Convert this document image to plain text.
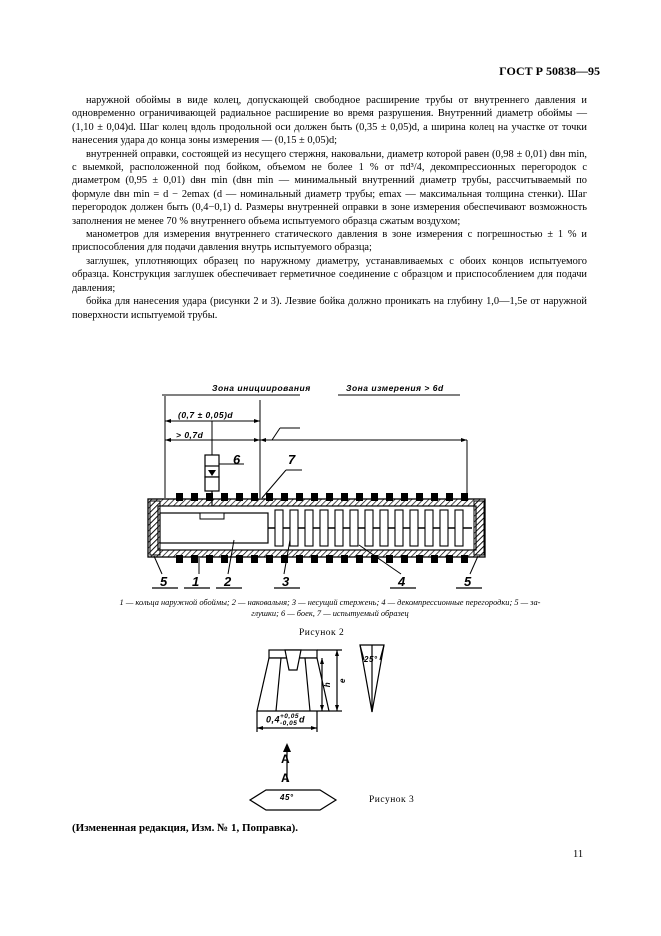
ГОСТ Р 50838—95

наружной обоймы в виде колец, допускающей свободное расширение трубы от внутреннего давления и одновременно ограничивающей радиальное расширение во время разрушения. Внутренний диаметр обоймы — (1,10 ± 0,04)d. Шаг колец вдоль продольной оси должен быть (0,35 ± 0,05)d, а ширина колец на участке от точки нанесения удара до конца зоны измерения — (0,15 ± 0,05)d;

внутренней оправки, состоящей из несущего стержня, наковальни, диаметр которой равен (0,98 ± 0,01) dвн min, с выемкой, расположенной под бойком, объемом не более 1 % от πd³/4, декомпрессионных перегородок с диаметром (0,95 ± 0,01) dвн min (dвн min — минимальный внутренний диаметр трубы, рассчитываемый по формуле dвн min = d − 2emax (d — номинальный диаметр трубы; emax — максимальная толщина стенки). Шаг перегородок должен быть (0,4−0,1) d. Размеры внутренней оправки в зоне измерения обеспечивают возможность заполнения не менее 70 % внутреннего объема испытуемого образца сжатым воздухом;

манометров для измерения внутреннего статического давления в зоне измерения с погрешностью ± 1 % и приспособления для подачи давления внутрь испытуемого образца;

заглушек, уплотняющих образец по наружному диаметру, устанавливаемых с обоих концов испытуемого образца. Конструкция заглушек обеспечивает герметичное соединение с образцом и приспособлением для подачи давления;

бойка для нанесения удара (рисунки 2 и 3). Лезвие бойка должно проникать на глубину 1,0—1,5e от наружной поверхности испытуемой трубы.

Зона инициирования	Зона измерения > 6d
(0,7 ± 0,05)d
> 0,7d
7
6
5 1 2	3	4	5
1 — кольца наружной обоймы; 2 — наковальня; 3 — несущий стержень; 4 — декомпрессионные перегородки; 5 — за-
глушки; 6 — боек, 7 — испытуемый образец
Рисунок 2
0,4 +0,05
-0,05 d
h
e
25°
А
А
45°	Рисунок 3
(Измененная редакция, Изм. № 1, Поправка).
11
